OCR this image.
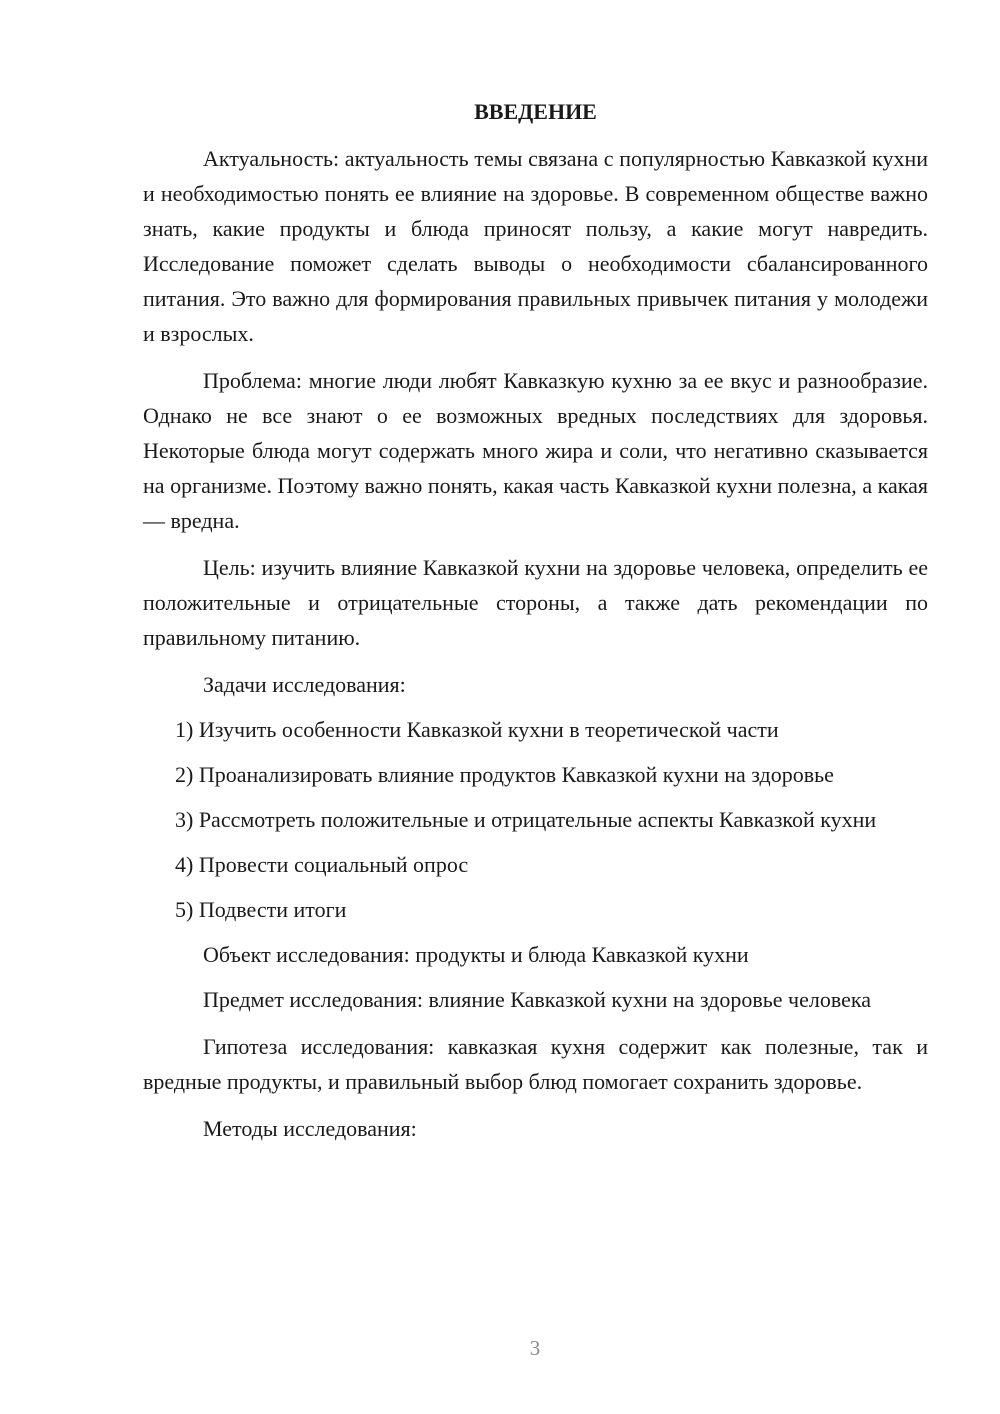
ВВЕДЕНИЕ

Актуальность: актуальность темы связана с популярностью Кавказкой кухни и необходимостью понять ее влияние на здоровье. В современном обществе важно знать, какие продукты и блюда приносят пользу, а какие могут навредить. Исследование поможет сделать выводы о необходимости сбалансированного питания. Это важно для формирования правильных привычек питания у молодежи и взрослых.

Проблема: многие люди любят Кавказкую кухню за ее вкус и разнообразие. Однако не все знают о ее возможных вредных последствиях для здоровья. Некоторые блюда могут содержать много жира и соли, что негативно сказывается на организме. Поэтому важно понять, какая часть Кавказкой кухни полезна, а какая — вредна.

Цель: изучить влияние Кавказкой кухни на здоровье человека, определить ее положительные и отрицательные стороны, а также дать рекомендации по правильному питанию.

Задачи исследования:

1) Изучить особенности Кавказкой кухни в теоретической части

2) Проанализировать влияние продуктов Кавказкой кухни на здоровье

3) Рассмотреть положительные и отрицательные аспекты Кавказкой кухни

4) Провести социальный опрос

5) Подвести итоги

Объект исследования: продукты и блюда Кавказкой кухни

Предмет исследования: влияние Кавказкой кухни на здоровье человека

Гипотеза исследования: кавказкая кухня содержит как полезные, так и вредные продукты, и правильный выбор блюд помогает сохранить здоровье.

Методы исследования:

3
